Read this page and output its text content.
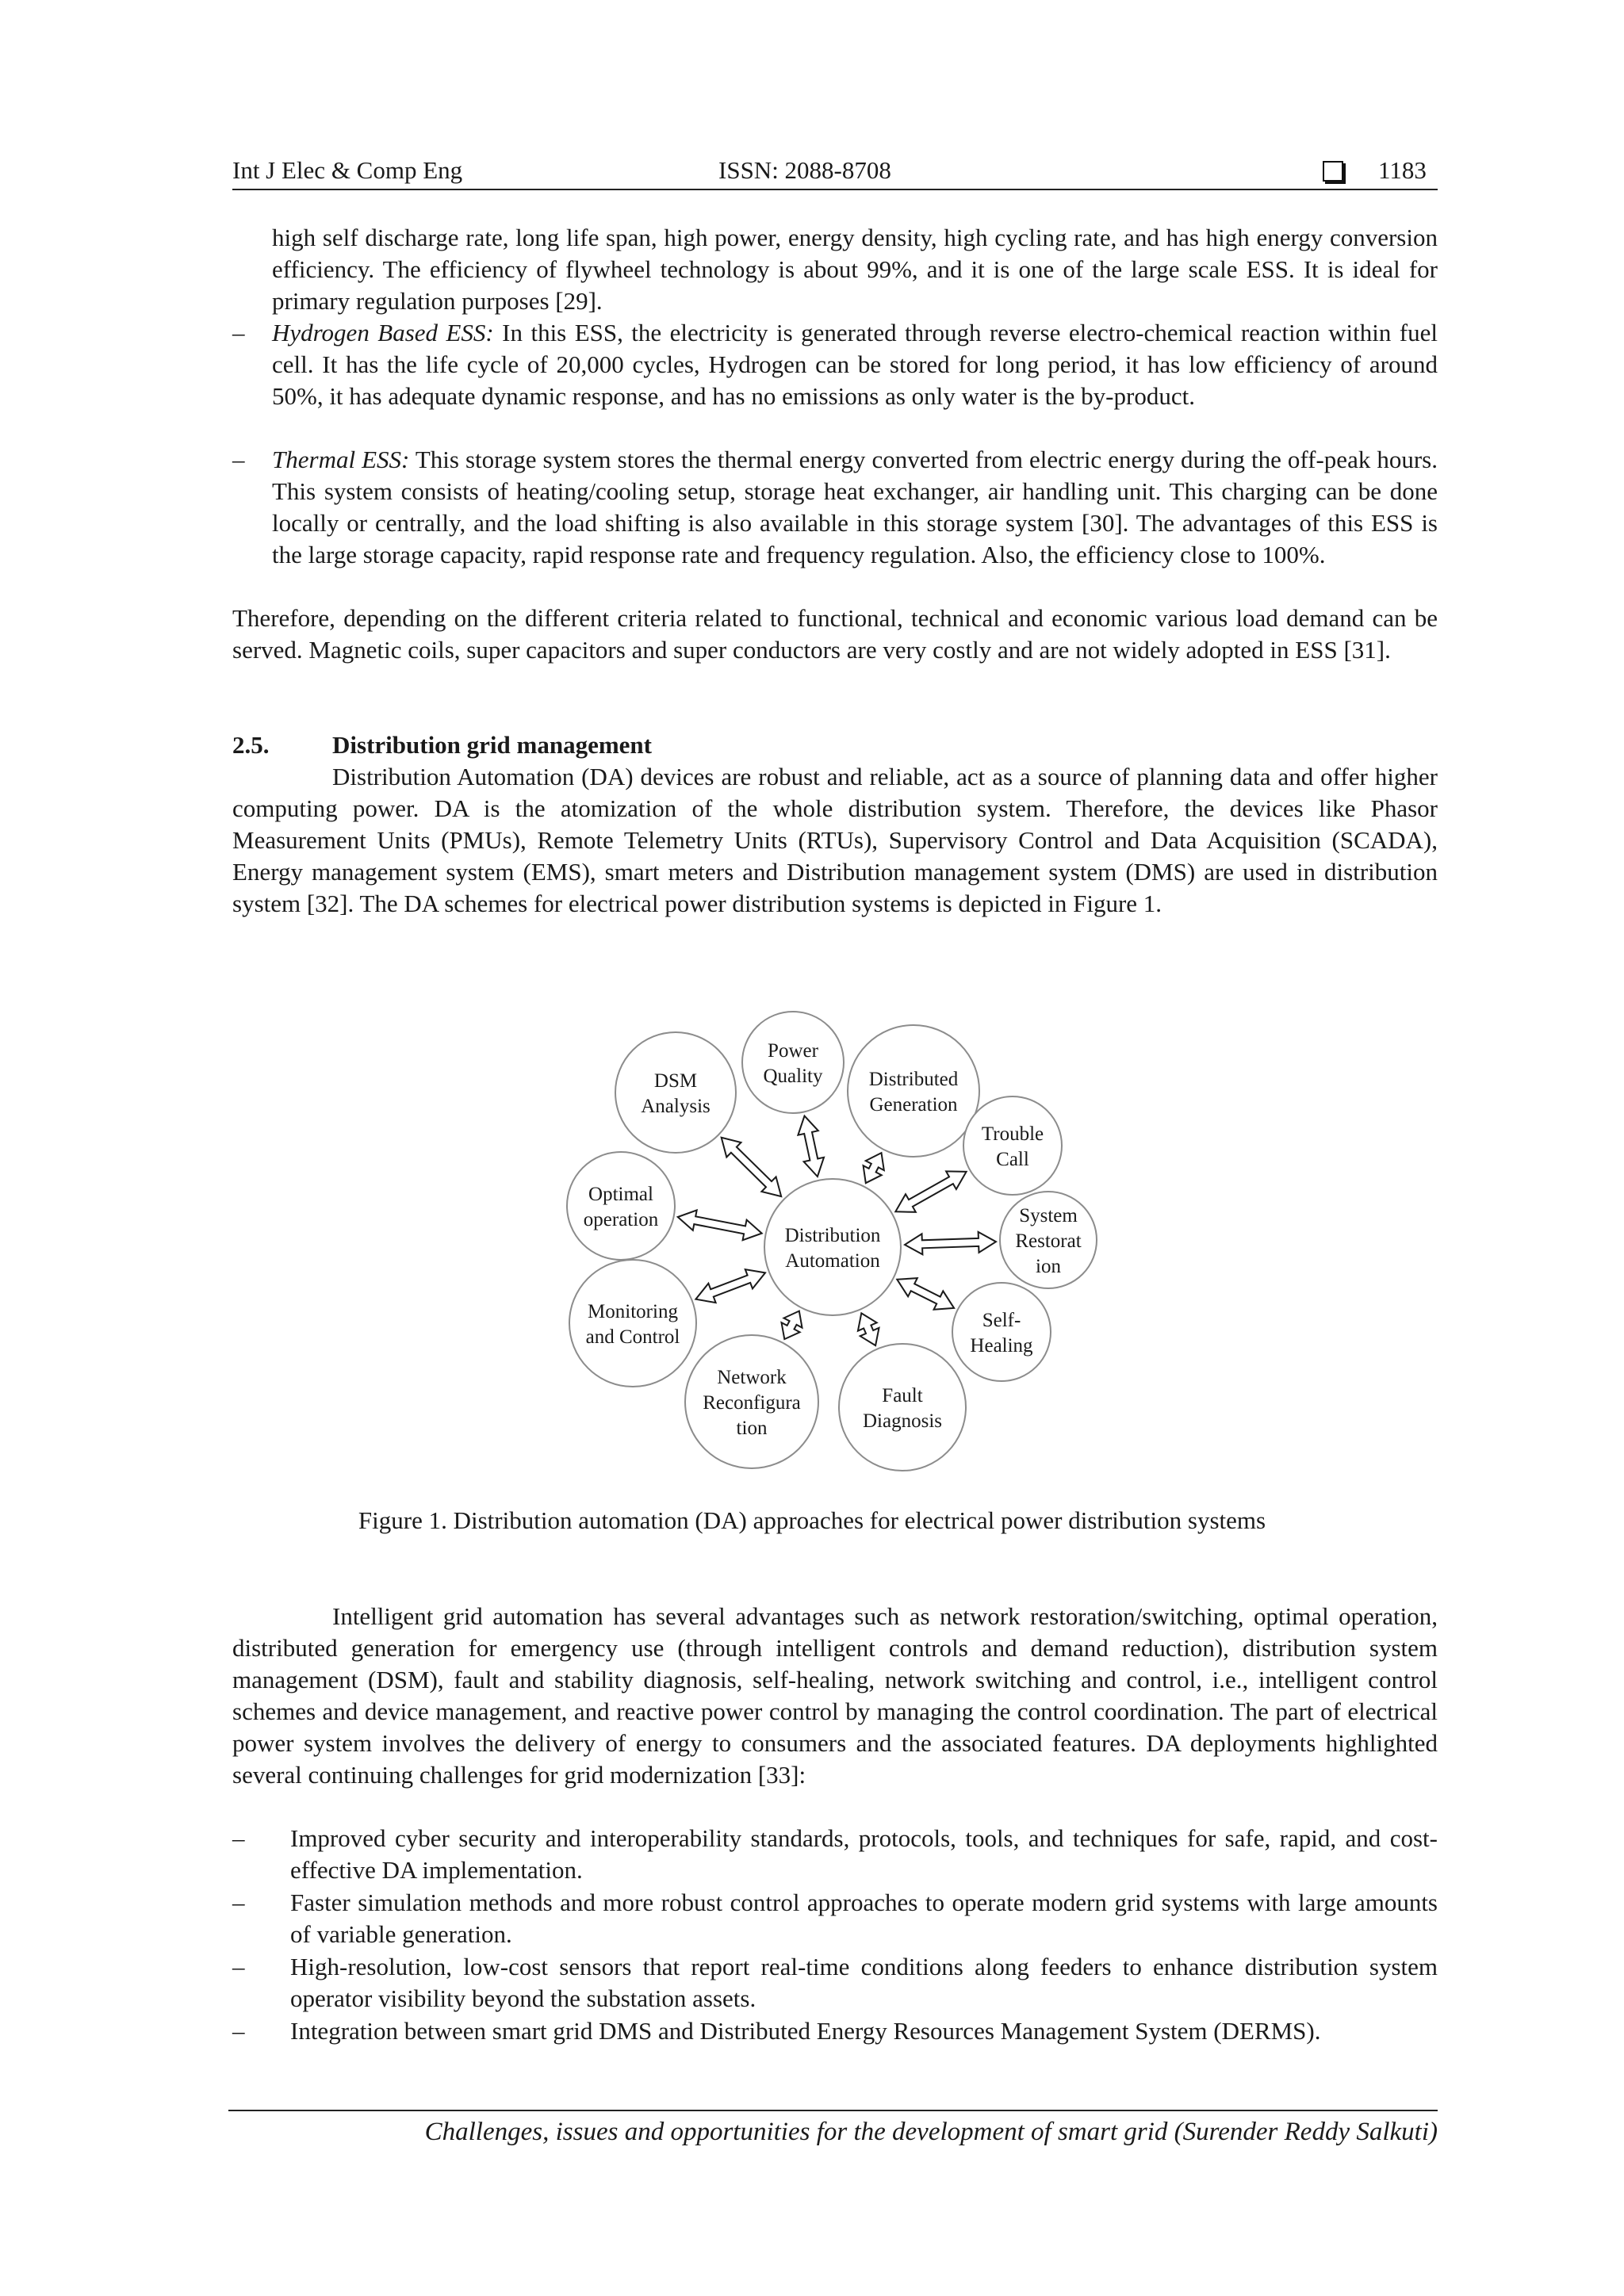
Int J Elec & Comp Eng	ISSN: 2088-8708	1183
high self discharge rate, long life span, high power, energy density, high cycling rate, and has high energy conversion efficiency. The efficiency of flywheel technology is about 99%, and it is one of the large scale ESS. It is ideal for primary regulation purposes [29].
– Hydrogen Based ESS: In this ESS, the electricity is generated through reverse electro-chemical reaction within fuel cell. It has the life cycle of 20,000 cycles, Hydrogen can be stored for long period, it has low efficiency of around 50%, it has adequate dynamic response, and has no emissions as only water is the by-product.
– Thermal ESS: This storage system stores the thermal energy converted from electric energy during the off-peak hours. This system consists of heating/cooling setup, storage heat exchanger, air handling unit. This charging can be done locally or centrally, and the load shifting is also available in this storage system [30]. The advantages of this ESS is the large storage capacity, rapid response rate and frequency regulation. Also, the efficiency close to 100%.
Therefore, depending on the different criteria related to functional, technical and economic various load demand can be served. Magnetic coils, super capacitors and super conductors are very costly and are not widely adopted in ESS [31].
2.5.	Distribution grid management
Distribution Automation (DA) devices are robust and reliable, act as a source of planning data and offer higher computing power. DA is the atomization of the whole distribution system. Therefore, the devices like Phasor Measurement Units (PMUs), Remote Telemetry Units (RTUs), Supervisory Control and Data Acquisition (SCADA), Energy management system (EMS), smart meters and Distribution management system (DMS) are used in distribution system [32]. The DA schemes for electrical power distribution systems is depicted in Figure 1.
Distribution
Automation
DSM
Analysis
Power
Quality Distributed
Generation
Trouble
Call
System
Restorat
ion
Self-
Healing
Fault
Diagnosis
Network
Reconfigura
tion
Monitoring
and Control
Optimal
operation
Figure 1. Distribution automation (DA) approaches for electrical power distribution systems
Intelligent grid automation has several advantages such as network restoration/switching, optimal operation, distributed generation for emergency use (through intelligent controls and demand reduction), distribution system management (DSM), fault and stability diagnosis, self-healing, network switching and control, i.e., intelligent control schemes and device management, and reactive power control by managing the control coordination. The part of electrical power system involves the delivery of energy to consumers and the associated features. DA deployments highlighted several continuing challenges for grid modernization [33]:
– Improved cyber security and interoperability standards, protocols, tools, and techniques for safe, rapid, and cost-effective DA implementation.
– Faster simulation methods and more robust control approaches to operate modern grid systems with large amounts of variable generation.
– High-resolution, low-cost sensors that report real-time conditions along feeders to enhance distribution system operator visibility beyond the substation assets.
– Integration between smart grid DMS and Distributed Energy Resources Management System (DERMS).
Challenges, issues and opportunities for the development of smart grid (Surender Reddy Salkuti)
